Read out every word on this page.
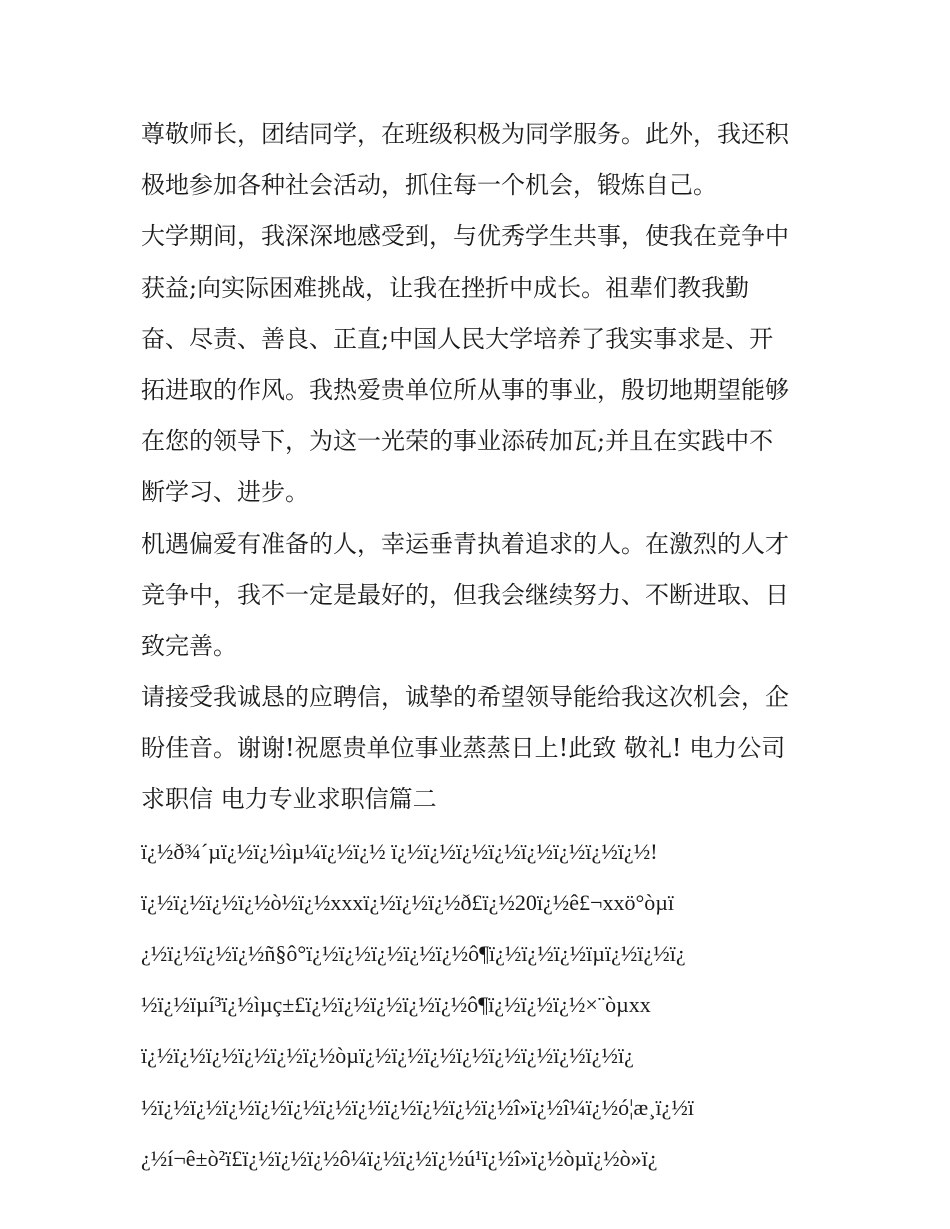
尊敬师长，团结同学，在班级积极为同学服务。此外，我还积
极地参加各种社会活动，抓住每一个机会，锻炼自己。
大学期间，我深深地感受到，与优秀学生共事，使我在竞争中
获益;向实际困难挑战，让我在挫折中成长。祖辈们教我勤
奋、尽责、善良、正直;中国人民大学培养了我实事求是、开
拓进取的作风。我热爱贵单位所从事的事业，殷切地期望能够
在您的领导下，为这一光荣的事业添砖加瓦;并且在实践中不
断学习、进步。
机遇偏爱有准备的人，幸运垂青执着追求的人。在激烈的人才
竞争中，我不一定是最好的，但我会继续努力、不断进取、日
致完善。
请接受我诚恳的应聘信，诚挚的希望领导能给我这次机会，企
盼佳音。谢谢!祝愿贵单位事业蒸蒸日上!此致 敬礼! 电力公司
求职信 电力专业求职信篇二
ï¿½ð¾´µï¿½ï¿½ìµ¼ï¿½ï¿½ ï¿½ï¿½ï¿½ï¿½ï¿½ï¿½ï¿½ï¿½!
ï¿½ï¿½ï¿½ï¿½ò½ï¿½xxxï¿½ï¿½ï¿½ð£ï¿½20ï¿½ê£¬xxö°òµï
¿½ï¿½ï¿½ï¿½ñ§ô°ï¿½ï¿½ï¿½ï¿½ï¿½ô¶ï¿½ï¿½ï¿½ïµï¿½ï¿½ï¿
½ï¿½ïµí³ï¿½ìµç±£ï¿½ï¿½ï¿½ï¿½ï¿½ô¶ï¿½ï¿½ï¿½×¨òµxx
ï¿½ï¿½ï¿½ï¿½ï¿½ï¿½òµï¿½ï¿½ï¿½ï¿½ï¿½ï¿½ï¿½ï¿½ï¿
½ï¿½ï¿½ï¿½ï¿½ï¿½ï¿½ï¿½ï¿½ï¿½ï¿½ï¿½î»ï¿½î¼ï¿½ó¦æ¸ï¿½ï
¿½í¬ê±ò²ï£ï¿½ï¿½ï¿½ô¼ï¿½ï¿½ï¿½ú¹ï¿½î»ï¿½òµï¿½ò»ï¿
